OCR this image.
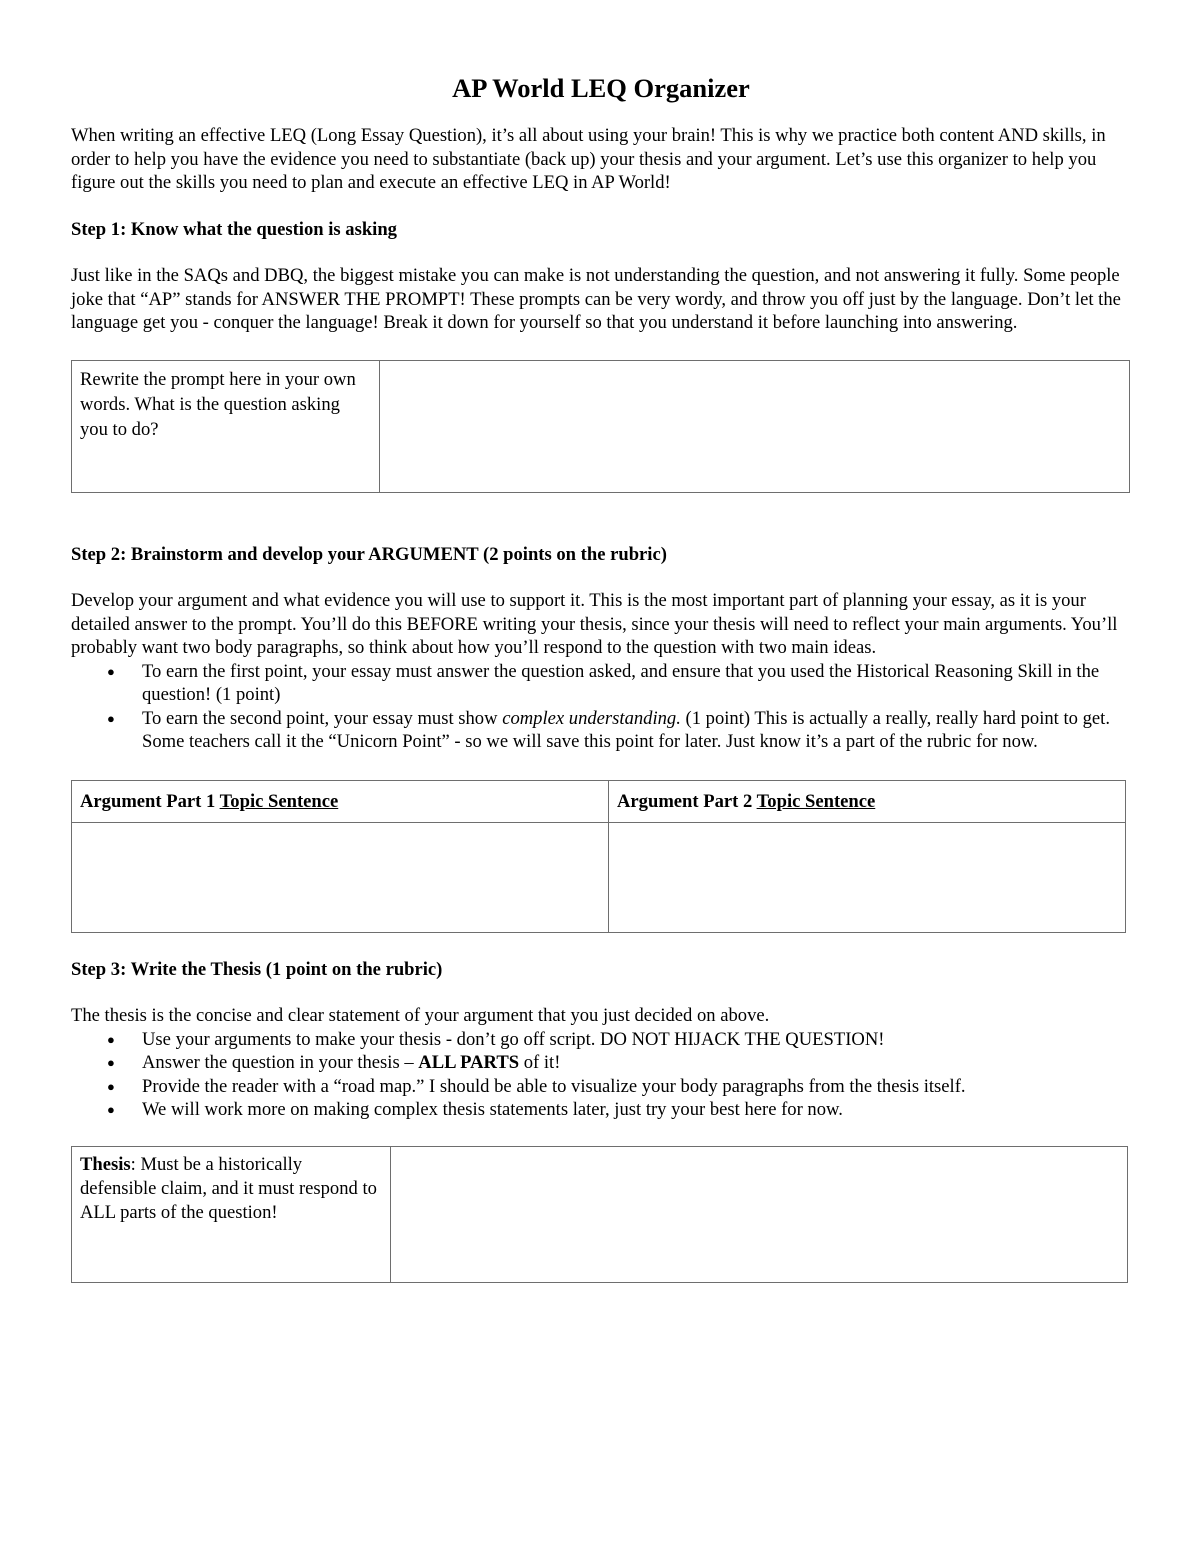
AP World LEQ Organizer

When writing an effective LEQ (Long Essay Question), it’s all about using your brain! This is why we practice both content AND skills, in order to help you have the evidence you need to substantiate (back up) your thesis and your argument. Let’s use this organizer to help you figure out the skills you need to plan and execute an effective LEQ in AP World!

Step 1: Know what the question is asking

Just like in the SAQs and DBQ, the biggest mistake you can make is not understanding the question, and not answering it fully. Some people joke that “AP” stands for ANSWER THE PROMPT! These prompts can be very wordy, and throw you off just by the language. Don’t let the language get you - conquer the language! Break it down for yourself so that you understand it before launching into answering.

Rewrite the prompt here in your own words. What is the question asking you to do?	

Step 2: Brainstorm and develop your ARGUMENT (2 points on the rubric)

Develop your argument and what evidence you will use to support it. This is the most important part of planning your essay, as it is your detailed answer to the prompt. You’ll do this BEFORE writing your thesis, since your thesis will need to reflect your main arguments. You’ll probably want two body paragraphs, so think about how you’ll respond to the question with two main ideas.

● To earn the first point, your essay must answer the question asked, and ensure that you used the Historical Reasoning Skill in the question! (1 point)
● To earn the second point, your essay must show complex understanding. (1 point) This is actually a really, really hard point to get. Some teachers call it the “Unicorn Point” - so we will save this point for later. Just know it’s a part of the rubric for now.
Argument Part 1 Topic Sentence	Argument Part 2 Topic Sentence

Step 3: Write the Thesis (1 point on the rubric)

The thesis is the concise and clear statement of your argument that you just decided on above.

● Use your arguments to make your thesis - don’t go off script. DO NOT HIJACK THE QUESTION!
● Answer the question in your thesis – ALL PARTS of it!
● Provide the reader with a “road map.” I should be able to visualize your body paragraphs from the thesis itself.
● We will work more on making complex thesis statements later, just try your best here for now.
Thesis: Must be a historically defensible claim, and it must respond to ALL parts of the question!	
